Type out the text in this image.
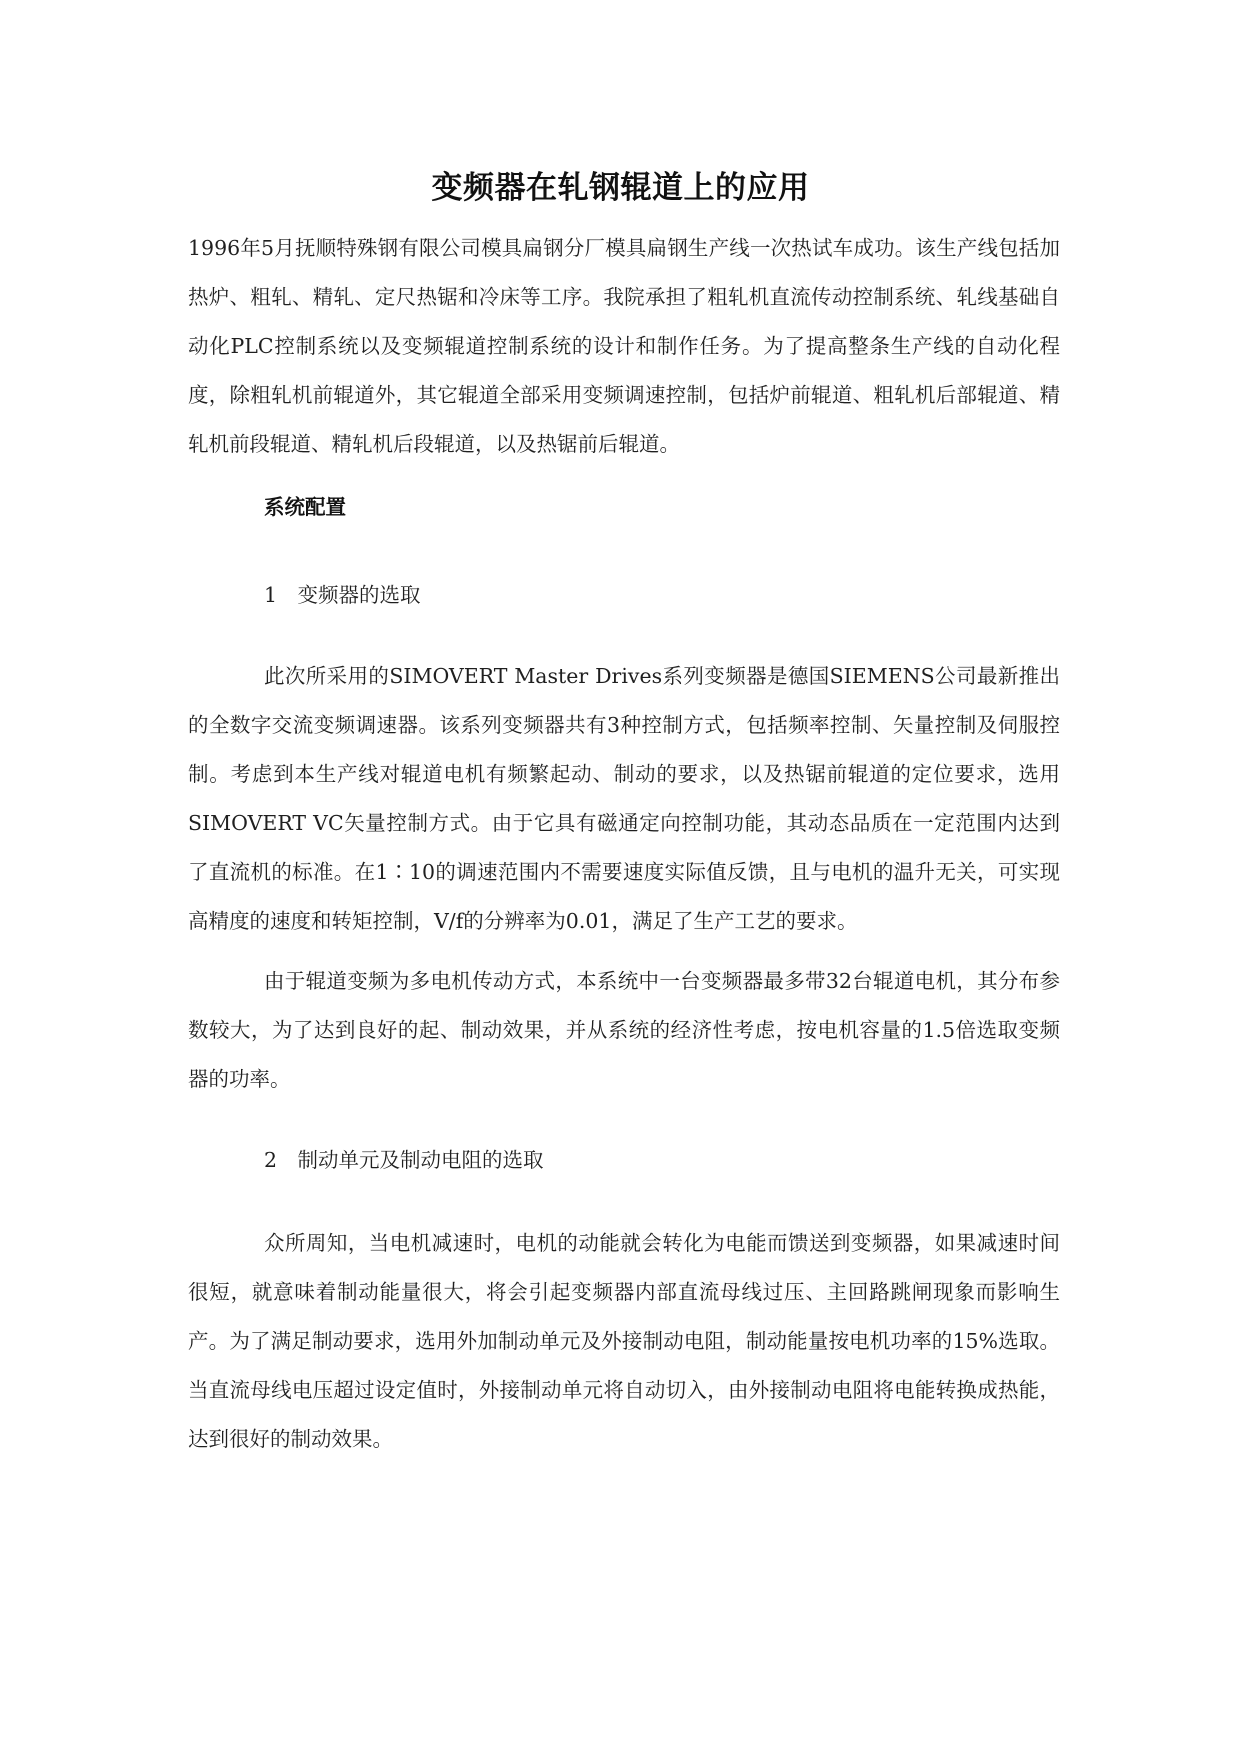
变频器在轧钢辊道上的应用
1996年5月抚顺特殊钢有限公司模具扁钢分厂模具扁钢生产线一次热试车成功。该生产线包括加热炉、粗轧、精轧、定尺热锯和冷床等工序。我院承担了粗轧机直流传动控制系统、轧线基础自动化PLC控制系统以及变频辊道控制系统的设计和制作任务。为了提高整条生产线的自动化程度，除粗轧机前辊道外，其它辊道全部采用变频调速控制，包括炉前辊道、粗轧机后部辊道、精轧机前段辊道、精轧机后段辊道，以及热锯前后辊道。
系统配置
1　变频器的选取
此次所采用的SIMOVERT Master Drives系列变频器是德国SIEMENS公司最新推出的全数字交流变频调速器。该系列变频器共有3种控制方式，包括频率控制、矢量控制及伺服控制。考虑到本生产线对辊道电机有频繁起动、制动的要求，以及热锯前辊道的定位要求，选用SIMOVERT VC矢量控制方式。由于它具有磁通定向控制功能，其动态品质在一定范围内达到了直流机的标准。在1∶10的调速范围内不需要速度实际值反馈，且与电机的温升无关，可实现高精度的速度和转矩控制，V/f的分辨率为0.01，满足了生产工艺的要求。
由于辊道变频为多电机传动方式，本系统中一台变频器最多带32台辊道电机，其分布参数较大，为了达到良好的起、制动效果，并从系统的经济性考虑，按电机容量的1.5倍选取变频器的功率。
2　制动单元及制动电阻的选取
众所周知，当电机减速时，电机的动能就会转化为电能而馈送到变频器，如果减速时间很短，就意味着制动能量很大，将会引起变频器内部直流母线过压、主回路跳闸现象而影响生产。为了满足制动要求，选用外加制动单元及外接制动电阻，制动能量按电机功率的15%选取。当直流母线电压超过设定值时，外接制动单元将自动切入，由外接制动电阻将电能转换成热能，达到很好的制动效果。
